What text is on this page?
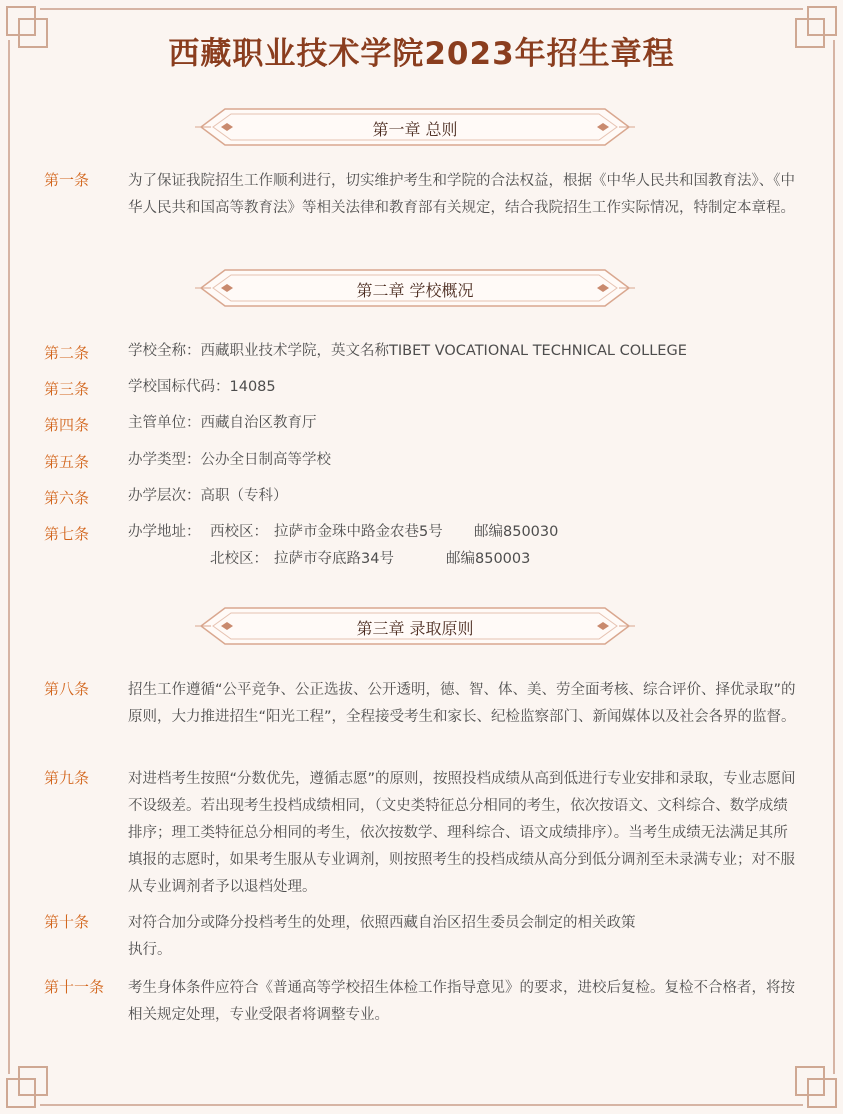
西藏职业技术学院2023年招生章程
第一章 总则
第一条	为了保证我院招生工作顺利进行，切实维护考生和学院的合法权益，根据《中华人民共和国教育法》、《中华人民共和国高等教育法》等相关法律和教育部有关规定，结合我院招生工作实际情况，特制定本章程。
第二章 学校概况
第二条	学校全称：西藏职业技术学院，英文名称TIBET VOCATIONAL TECHNICAL COLLEGE
第三条	学校国标代码：14085
第四条	主管单位：西藏自治区教育厅
第五条	办学类型：公办全日制高等学校
第六条	办学层次：高职（专科）
第七条	办学地址： 西校区： 拉萨市金珠中路金农巷5号 邮编850030
北校区： 拉萨市夺底路34号	邮编850003
第三章 录取原则
第八条	招生工作遵循“公平竞争、公正选拔、公开透明，德、智、体、美、劳全面考核、综合评价、择优录取”的原则，大力推进招生“阳光工程”，全程接受考生和家长、纪检监察部门、新闻媒体以及社会各界的监督。
第九条	对进档考生按照“分数优先，遵循志愿”的原则，按照投档成绩从高到低进行专业安排和录取，专业志愿间不设级差。若出现考生投档成绩相同，（文史类特征总分相同的考生，依次按语文、文科综合、数学成绩排序；理工类特征总分相同的考生，依次按数学、理科综合、语文成绩排序）。当考生成绩无法满足其所填报的志愿时，如果考生服从专业调剂，则按照考生的投档成绩从高分到低分调剂至未录满专业；对不服从专业调剂者予以退档处理。
第十条	对符合加分或降分投档考生的处理，依照西藏自治区招生委员会制定的相关政策
执行。
第十一条 考生身体条件应符合《普通高等学校招生体检工作指导意见》的要求，进校后复检。复检不合格者，将按相关规定处理，专业受限者将调整专业。
